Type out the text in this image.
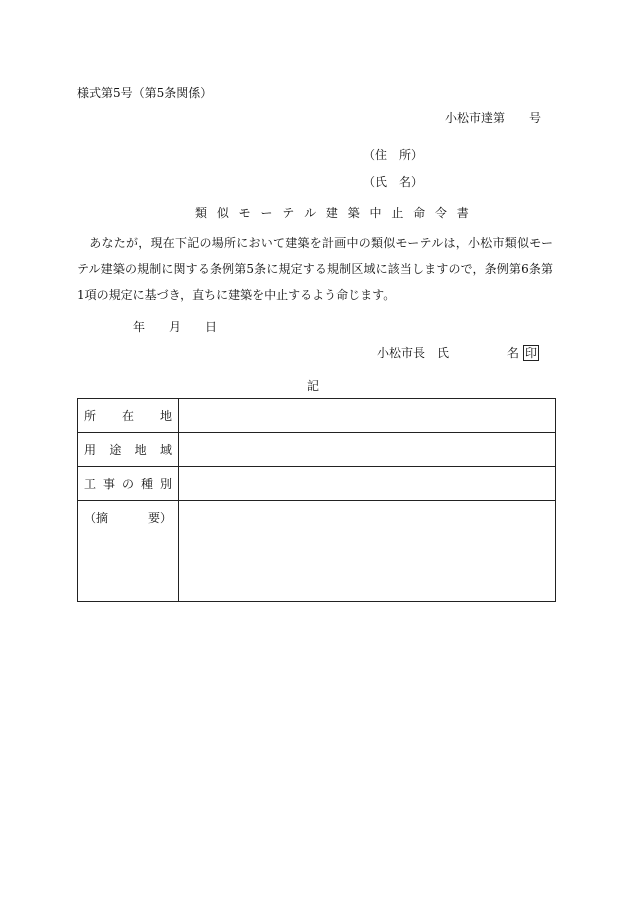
様式第5号（第5条関係）
小松市達第　　号
（住　所）
（氏　名）
類 似 モ ー テ ル 建 築 中 止 命 令 書

　あなたが，現在下記の場所において建築を計画中の類似モーテルは，小松市類似モーテル建築の規制に関する条例第5条に規定する規制区域に該当しますので，条例第6条第1項の規定に基づき，直ちに建築を中止するよう命じます。

年　　月　　日
小松市長　氏	名 印
記
所 在 地	

用 途 地 域	

工 事 の 種 別	

（摘 要）	
